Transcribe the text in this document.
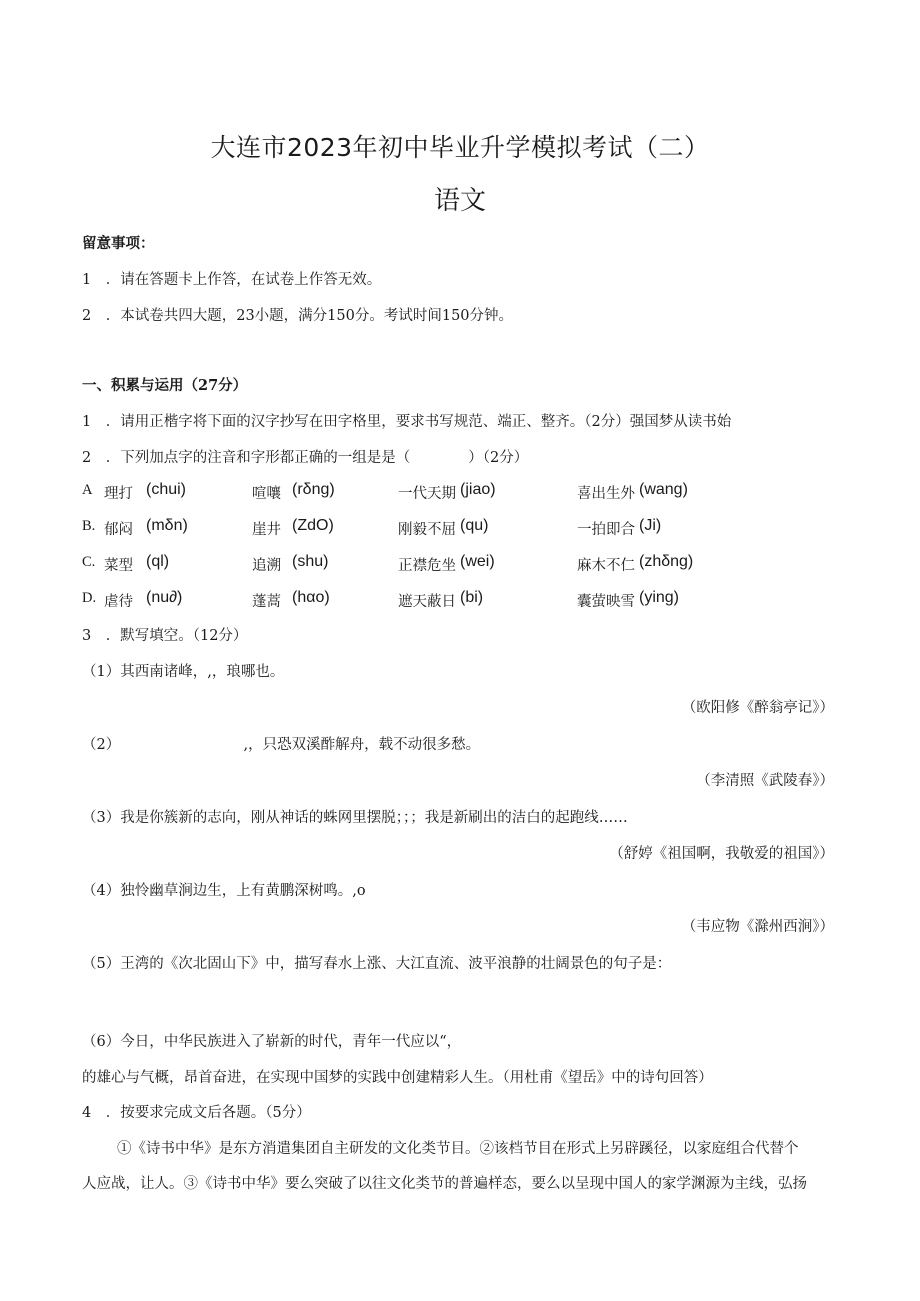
大连市2023年初中毕业升学模拟考试（二）
语文
留意事项：
1　．请在答题卡上作答，在试卷上作答无效。
2　．本试卷共四大题，23小题，满分150分。考试时间150分钟。
一、积累与运用（27分）
1　．请用正楷字将下面的汉字抄写在田字格里，要求书写规范、端正、整齐。（2分）强国梦从读书始
2　．下列加点字的注音和字形都正确的一组是是（　　　　）（2分）
A 理打 (chui)	喧嚷 (rδng)	一代天期 (jiao)	喜出生外 (wang)
B. 郁闷 (mδn)	崖井 (ZdO)	刚毅不屈 (qu)	一拍即合 (Ji)
C. 菜型 (ql)	追溯 (shu)	正襟危坐 (wei)	麻木不仁 (zhδng)
D. 虐待 (nu∂)	蓬蒿 (hαo)	遮天蔽日 (bi)	囊萤映雪 (ying)
3　．默写填空。（12分）
（1）其西南诸峰，,，琅哪也。
（欧阳修《醉翁亭记》）
（2）　　　　　　　　　,，只恐双溪酢解舟，载不动很多愁。
（李清照《武陵春》）
（3）我是你簇新的志向，刚从神话的蛛网里摆脱；；；我是新刷出的洁白的起跑线……
（舒婷《祖国啊，我敬爱的祖国》）
（4）独怜幽草涧边生，上有黄鹏深树鸣。,o
（韦应物《滁州西涧》）
（5）王湾的《次北固山下》中，描写春水上涨、大江直流、波平浪静的壮阔景色的句子是：
（6）今日，中华民族进入了崭新的时代，青年一代应以“，
的雄心与气概，昂首奋进，在实现中国梦的实践中创建精彩人生。（用杜甫《望岳》中的诗句回答）
4　．按要求完成文后各题。（5分）
①《诗书中华》是东方消遣集团自主研发的文化类节目。②该档节目在形式上另辟蹊径，以家庭组合代替个
人应战，让人。③《诗书中华》要么突破了以往文化类节的普遍样态，要么以呈现中国人的家学渊源为主线，弘扬
